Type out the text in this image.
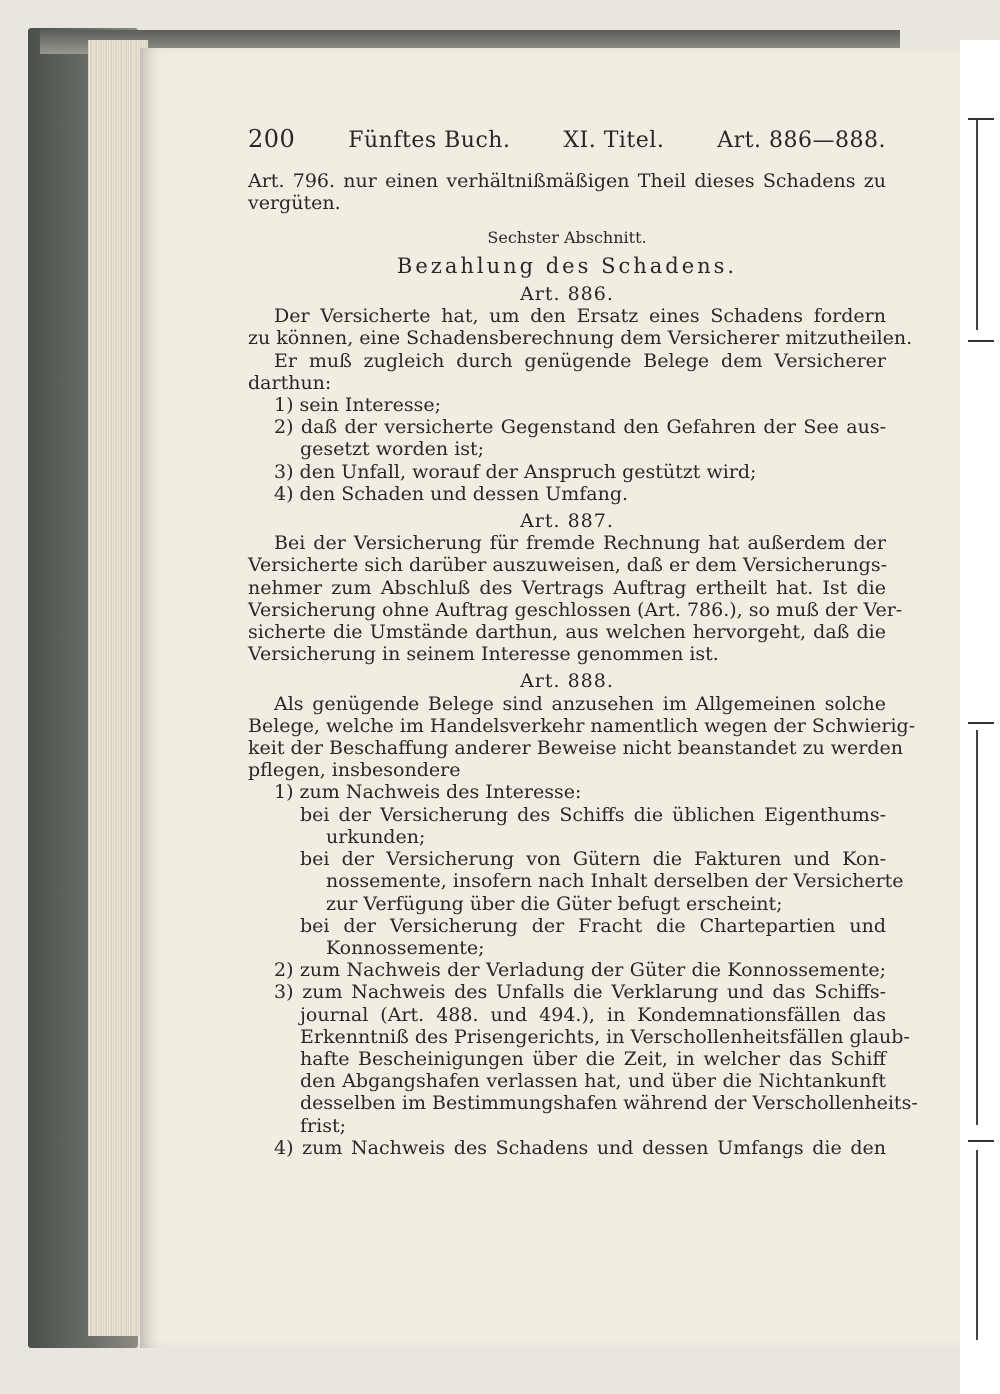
200 Fünftes Buch. XI. Titel. Art. 886—888.
Art. 796. nur einen verhältnißmäßigen Theil dieses Schadens zu
vergüten.
Sechster Abschnitt.
Bezahlung des Schadens.
Art. 886.
Der Versicherte hat, um den Ersatz eines Schadens fordern
zu können, eine Schadensberechnung dem Versicherer mitzutheilen.
Er muß zugleich durch genügende Belege dem Versicherer
darthun:
1) sein Interesse;
2) daß der versicherte Gegenstand den Gefahren der See aus-
gesetzt worden ist;
3) den Unfall, worauf der Anspruch gestützt wird;
4) den Schaden und dessen Umfang.
Art. 887.
Bei der Versicherung für fremde Rechnung hat außerdem der
Versicherte sich darüber auszuweisen, daß er dem Versicherungs-
nehmer zum Abschluß des Vertrags Auftrag ertheilt hat. Ist die
Versicherung ohne Auftrag geschlossen (Art. 786.), so muß der Ver-
sicherte die Umstände darthun, aus welchen hervorgeht, daß die
Versicherung in seinem Interesse genommen ist.
Art. 888.
Als genügende Belege sind anzusehen im Allgemeinen solche
Belege, welche im Handelsverkehr namentlich wegen der Schwierig-
keit der Beschaffung anderer Beweise nicht beanstandet zu werden
pflegen, insbesondere
1) zum Nachweis des Interesse:
bei der Versicherung des Schiffs die üblichen Eigenthums-
urkunden;
bei der Versicherung von Gütern die Fakturen und Kon-
nossemente, insofern nach Inhalt derselben der Versicherte
zur Verfügung über die Güter befugt erscheint;
bei der Versicherung der Fracht die Chartepartien und
Konnossemente;
2) zum Nachweis der Verladung der Güter die Konnossemente;
3) zum Nachweis des Unfalls die Verklarung und das Schiffs-
journal (Art. 488. und 494.), in Kondemnationsfällen das
Erkenntniß des Prisengerichts, in Verschollenheitsfällen glaub-
hafte Bescheinigungen über die Zeit, in welcher das Schiff
den Abgangshafen verlassen hat, und über die Nichtankunft
desselben im Bestimmungshafen während der Verschollenheits-
frist;
4) zum Nachweis des Schadens und dessen Umfangs die den
